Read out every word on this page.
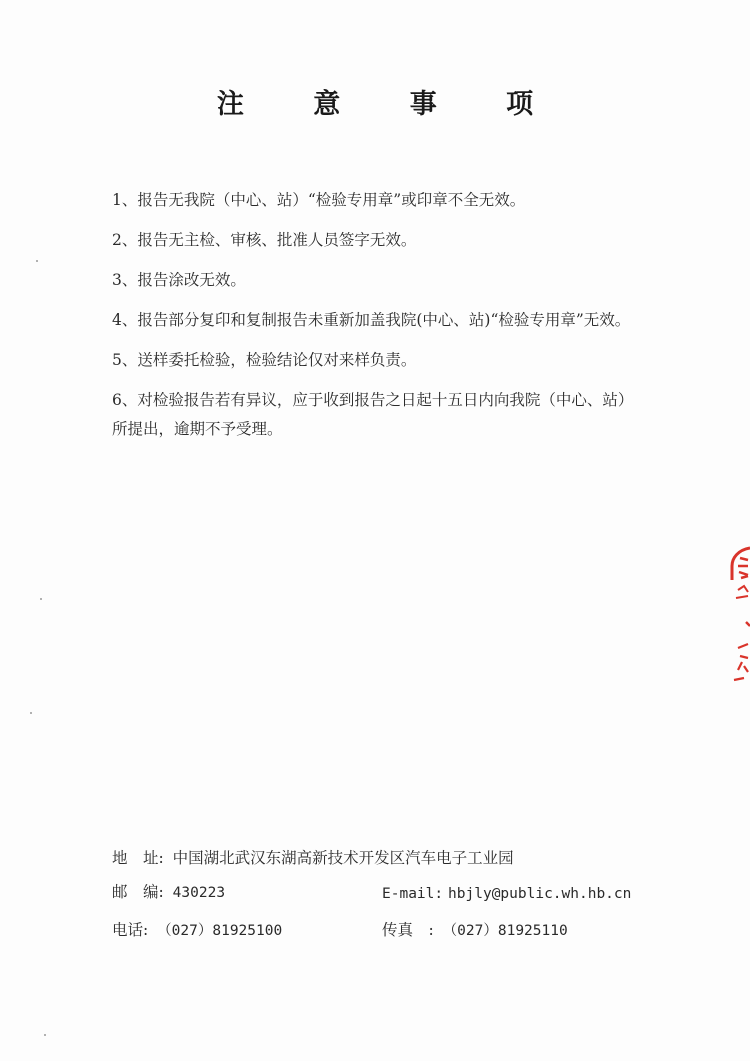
注 意 事 项

1、报告无我院（中心、站）“检验专用章”或印章不全无效。

2、报告无主检、审核、批准人员签字无效。

3、报告涂改无效。

4、报告部分复印和复制报告未重新加盖我院(中心、站)“检验专用章”无效。

5、送样委托检验，检验结论仅对来样负责。

6、对检验报告若有异议，应于收到报告之日起十五日内向我院（中心、站）所提出，逾期不予受理。

地　址: 中国湖北武汉东湖高新技术开发区汽车电子工业园
邮　编: 430223	E-mail: hbjly@public.wh.hb.cn
电话: （027）81925100	传真　: （027）81925110
